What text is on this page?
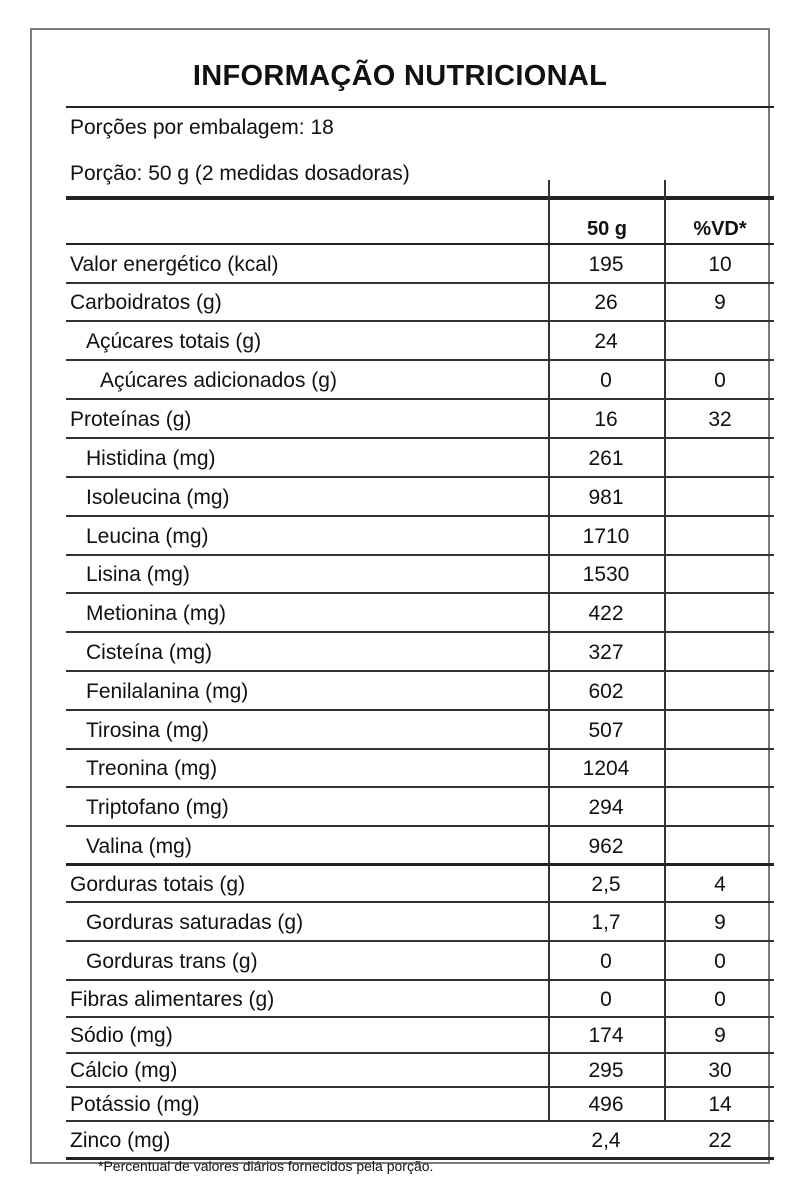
INFORMAÇÃO NUTRICIONAL
Porções por embalagem: 18
Porção: 50 g (2 medidas dosadoras)
50 g	%VD*
Valor energético (kcal)	195	10
Carboidratos (g)	26	9
Açúcares totais (g)	24
Açúcares adicionados (g)	0	0
Proteínas (g)	16	32
Histidina (mg)	261
Isoleucina (mg)	981
Leucina (mg)	1710
Lisina (mg)	1530
Metionina (mg)	422
Cisteína (mg)	327
Fenilalanina (mg)	602
Tirosina (mg)	507
Treonina (mg)	1204
Triptofano (mg)	294
Valina (mg)	962
Gorduras totais (g)	2,5	4
Gorduras saturadas (g)	1,7	9
Gorduras trans (g)	0	0
Fibras alimentares (g)	0	0
Sódio (mg)	174	9
Cálcio (mg)	295	30
Potássio (mg)	496	14
Zinco (mg)	2,4	22
*Percentual de valores diários fornecidos pela porção.
